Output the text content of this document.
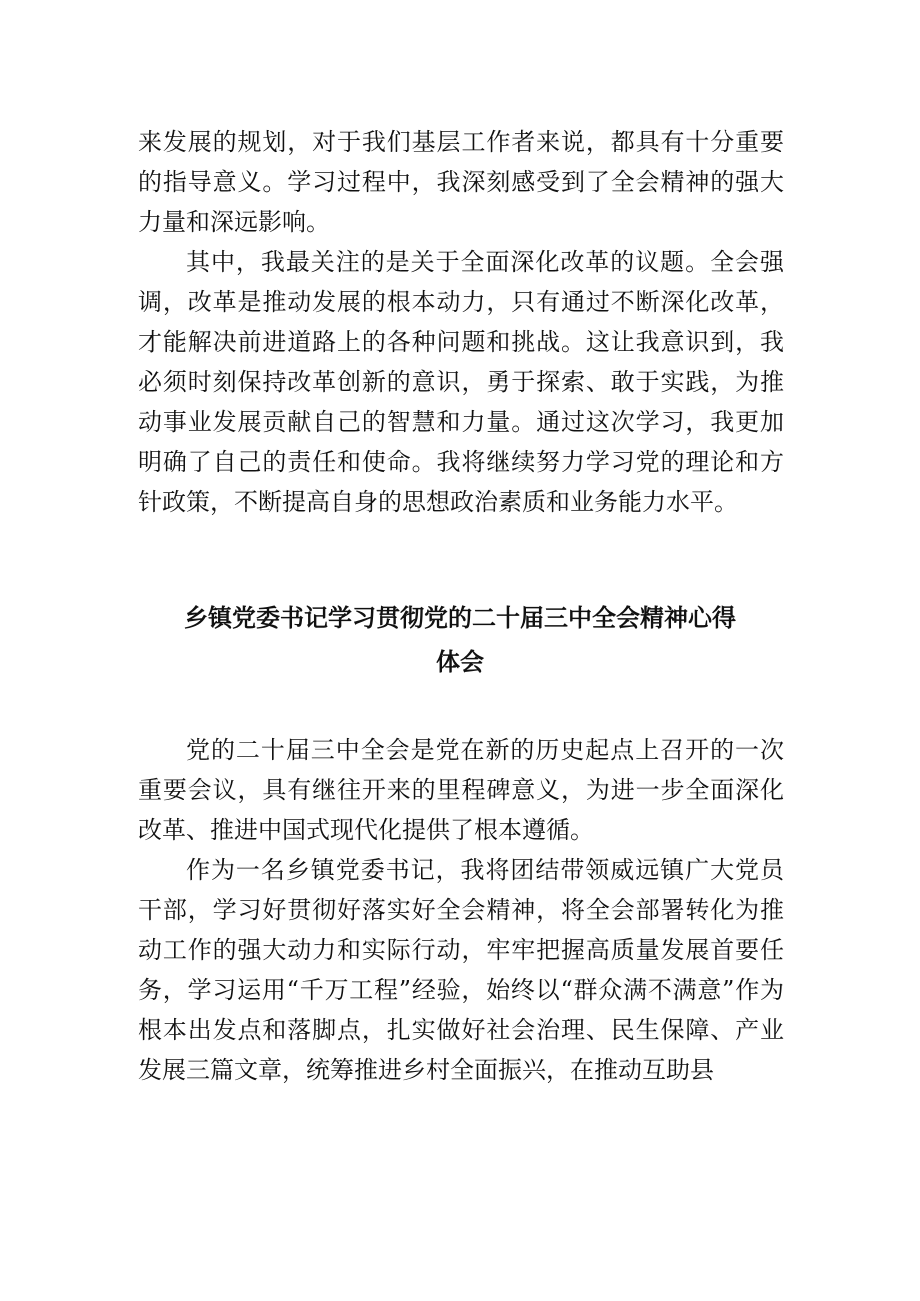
来发展的规划，对于我们基层工作者来说，都具有十分重要的指导意义。学习过程中，我深刻感受到了全会精神的强大力量和深远影响。

其中，我最关注的是关于全面深化改革的议题。全会强调，改革是推动发展的根本动力，只有通过不断深化改革，才能解决前进道路上的各种问题和挑战。这让我意识到，我必须时刻保持改革创新的意识，勇于探索、敢于实践，为推动事业发展贡献自己的智慧和力量。通过这次学习，我更加明确了自己的责任和使命。我将继续努力学习党的理论和方针政策，不断提高自身的思想政治素质和业务能力水平。

乡镇党委书记学习贯彻党的二十届三中全会精神心得
体会

党的二十届三中全会是党在新的历史起点上召开的一次重要会议，具有继往开来的里程碑意义，为进一步全面深化改革、推进中国式现代化提供了根本遵循。

作为一名乡镇党委书记，我将团结带领威远镇广大党员干部，学习好贯彻好落实好全会精神，将全会部署转化为推动工作的强大动力和实际行动，牢牢把握高质量发展首要任务，学习运用“千万工程”经验，始终以“群众满不满意”作为根本出发点和落脚点，扎实做好社会治理、民生保障、产业发展三篇文章，统筹推进乡村全面振兴，在推动互助县
